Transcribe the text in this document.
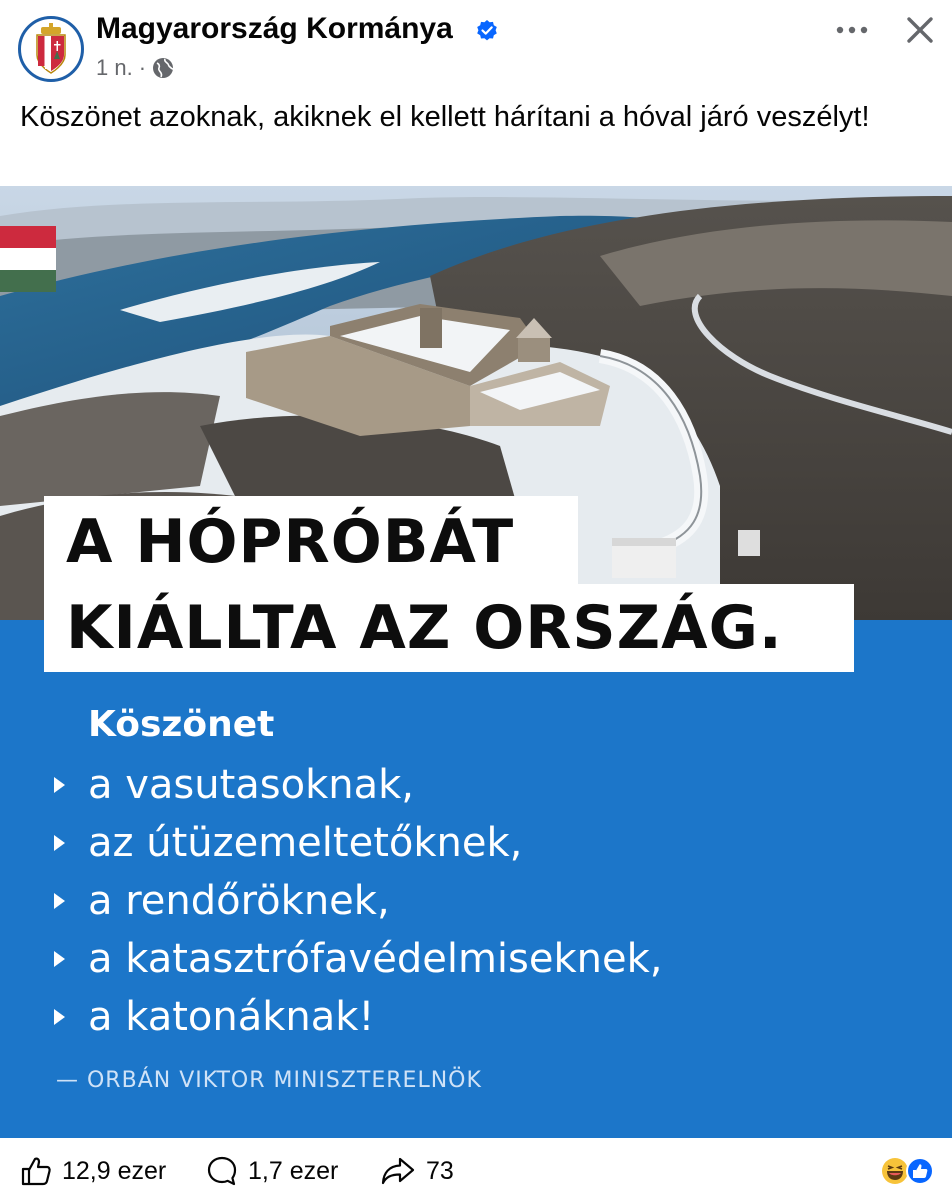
Magyarország Kormánya
1 n. ·
Köszönet azoknak, akiknek el kellett hárítani a hóval járó veszélyt!
A HÓPRÓBÁT
KIÁLLTA AZ ORSZÁG.
Köszönet
a vasutasoknak,
az útüzemeltetőknek,
a rendőröknek,
a katasztrófavédelmiseknek,
a katonáknak!
— ORBÁN VIKTOR MINISZTERELNÖK
12,9 ezer	1,7 ezer	73
